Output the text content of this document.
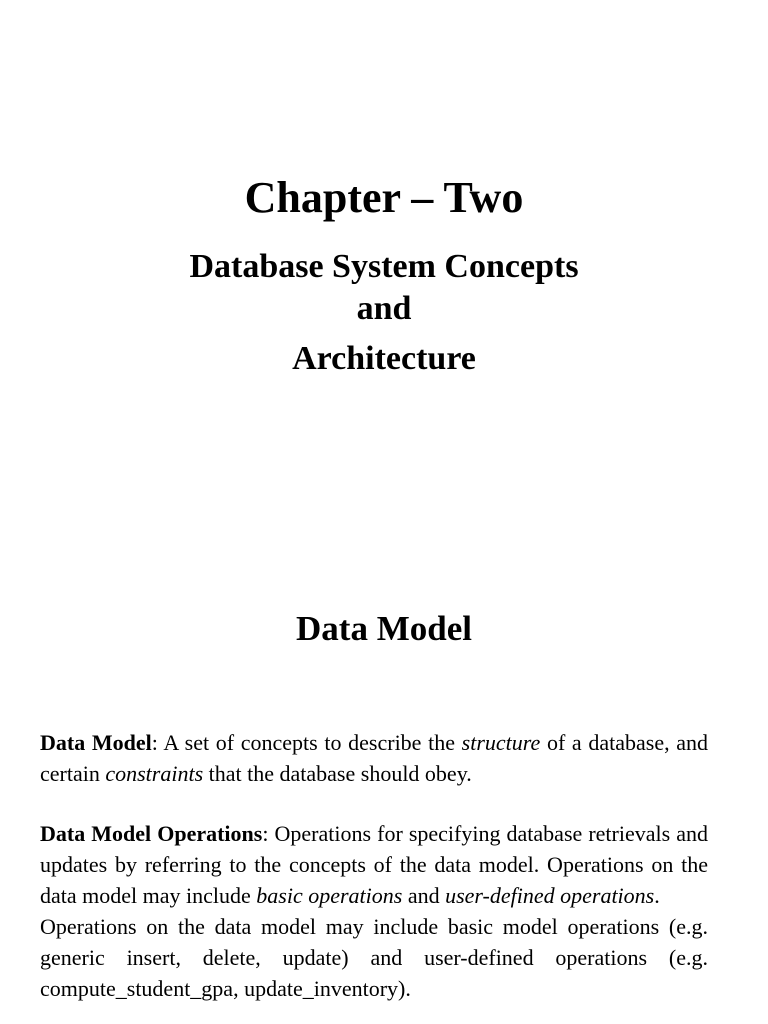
Chapter – Two
Database System Concepts
and
Architecture
Data Model

Data Model: A set of concepts to describe the structure of a database, and certain constraints that the database should obey.

Data Model Operations: Operations for specifying database retrievals and updates by referring to the concepts of the data model. Operations on the data model may include basic operations and user-defined operations.

Operations on the data model may include basic model operations (e.g. generic insert, delete, update) and user-defined operations (e.g. compute_student_gpa, update_inventory).
